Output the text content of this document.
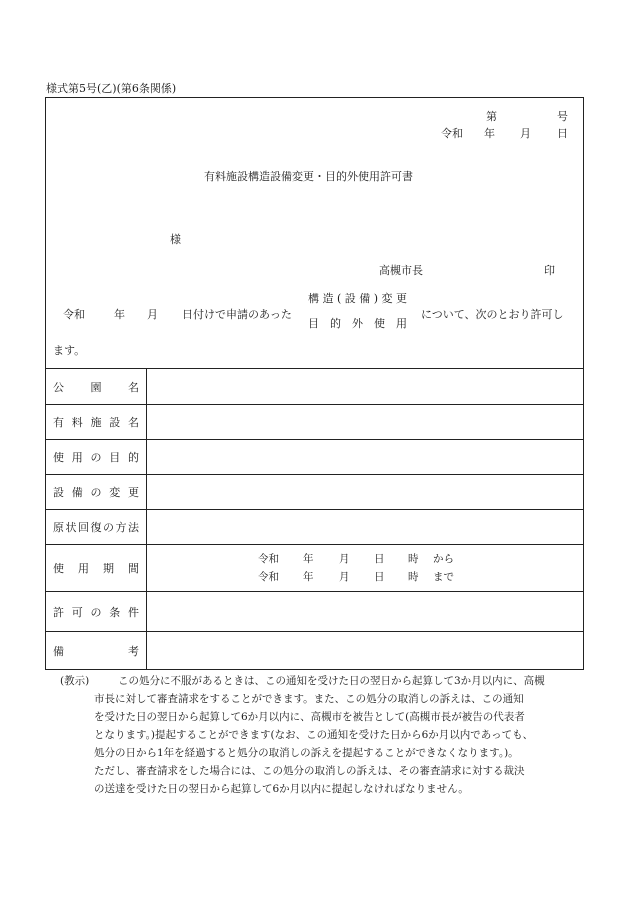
様式第5号(乙)(第6条関係)
第	号
令和 年 月 日
有料施設構造設備変更・目的外使用許可書
様
高槻市長	印
令和	年 月 日付けで申請のあった
構 造 ( 設 備 ) 変 更
目　的　外　使　用
について、次のとおり許可し
ます。
公園名
有料施設名
使用の目的
設備の変更
原状回復の方法
使用期間
令和 年 月 日 時 から
令和 年 月 日 時 まで
許可の条件
備考
(教示)	この処分に不服があるときは、この通知を受けた日の翌日から起算して3か月以内に、高槻
市長に対して審査請求をすることができます。また、この処分の取消しの訴えは、この通知
を受けた日の翌日から起算して6か月以内に、高槻市を被告として(高槻市長が被告の代表者
となります。)提起することができます(なお、この通知を受けた日から6か月以内であっても、
処分の日から1年を経過すると処分の取消しの訴えを提起することができなくなります。)。
ただし、審査請求をした場合には、この処分の取消しの訴えは、その審査請求に対する裁決
の送達を受けた日の翌日から起算して6か月以内に提起しなければなりません。
